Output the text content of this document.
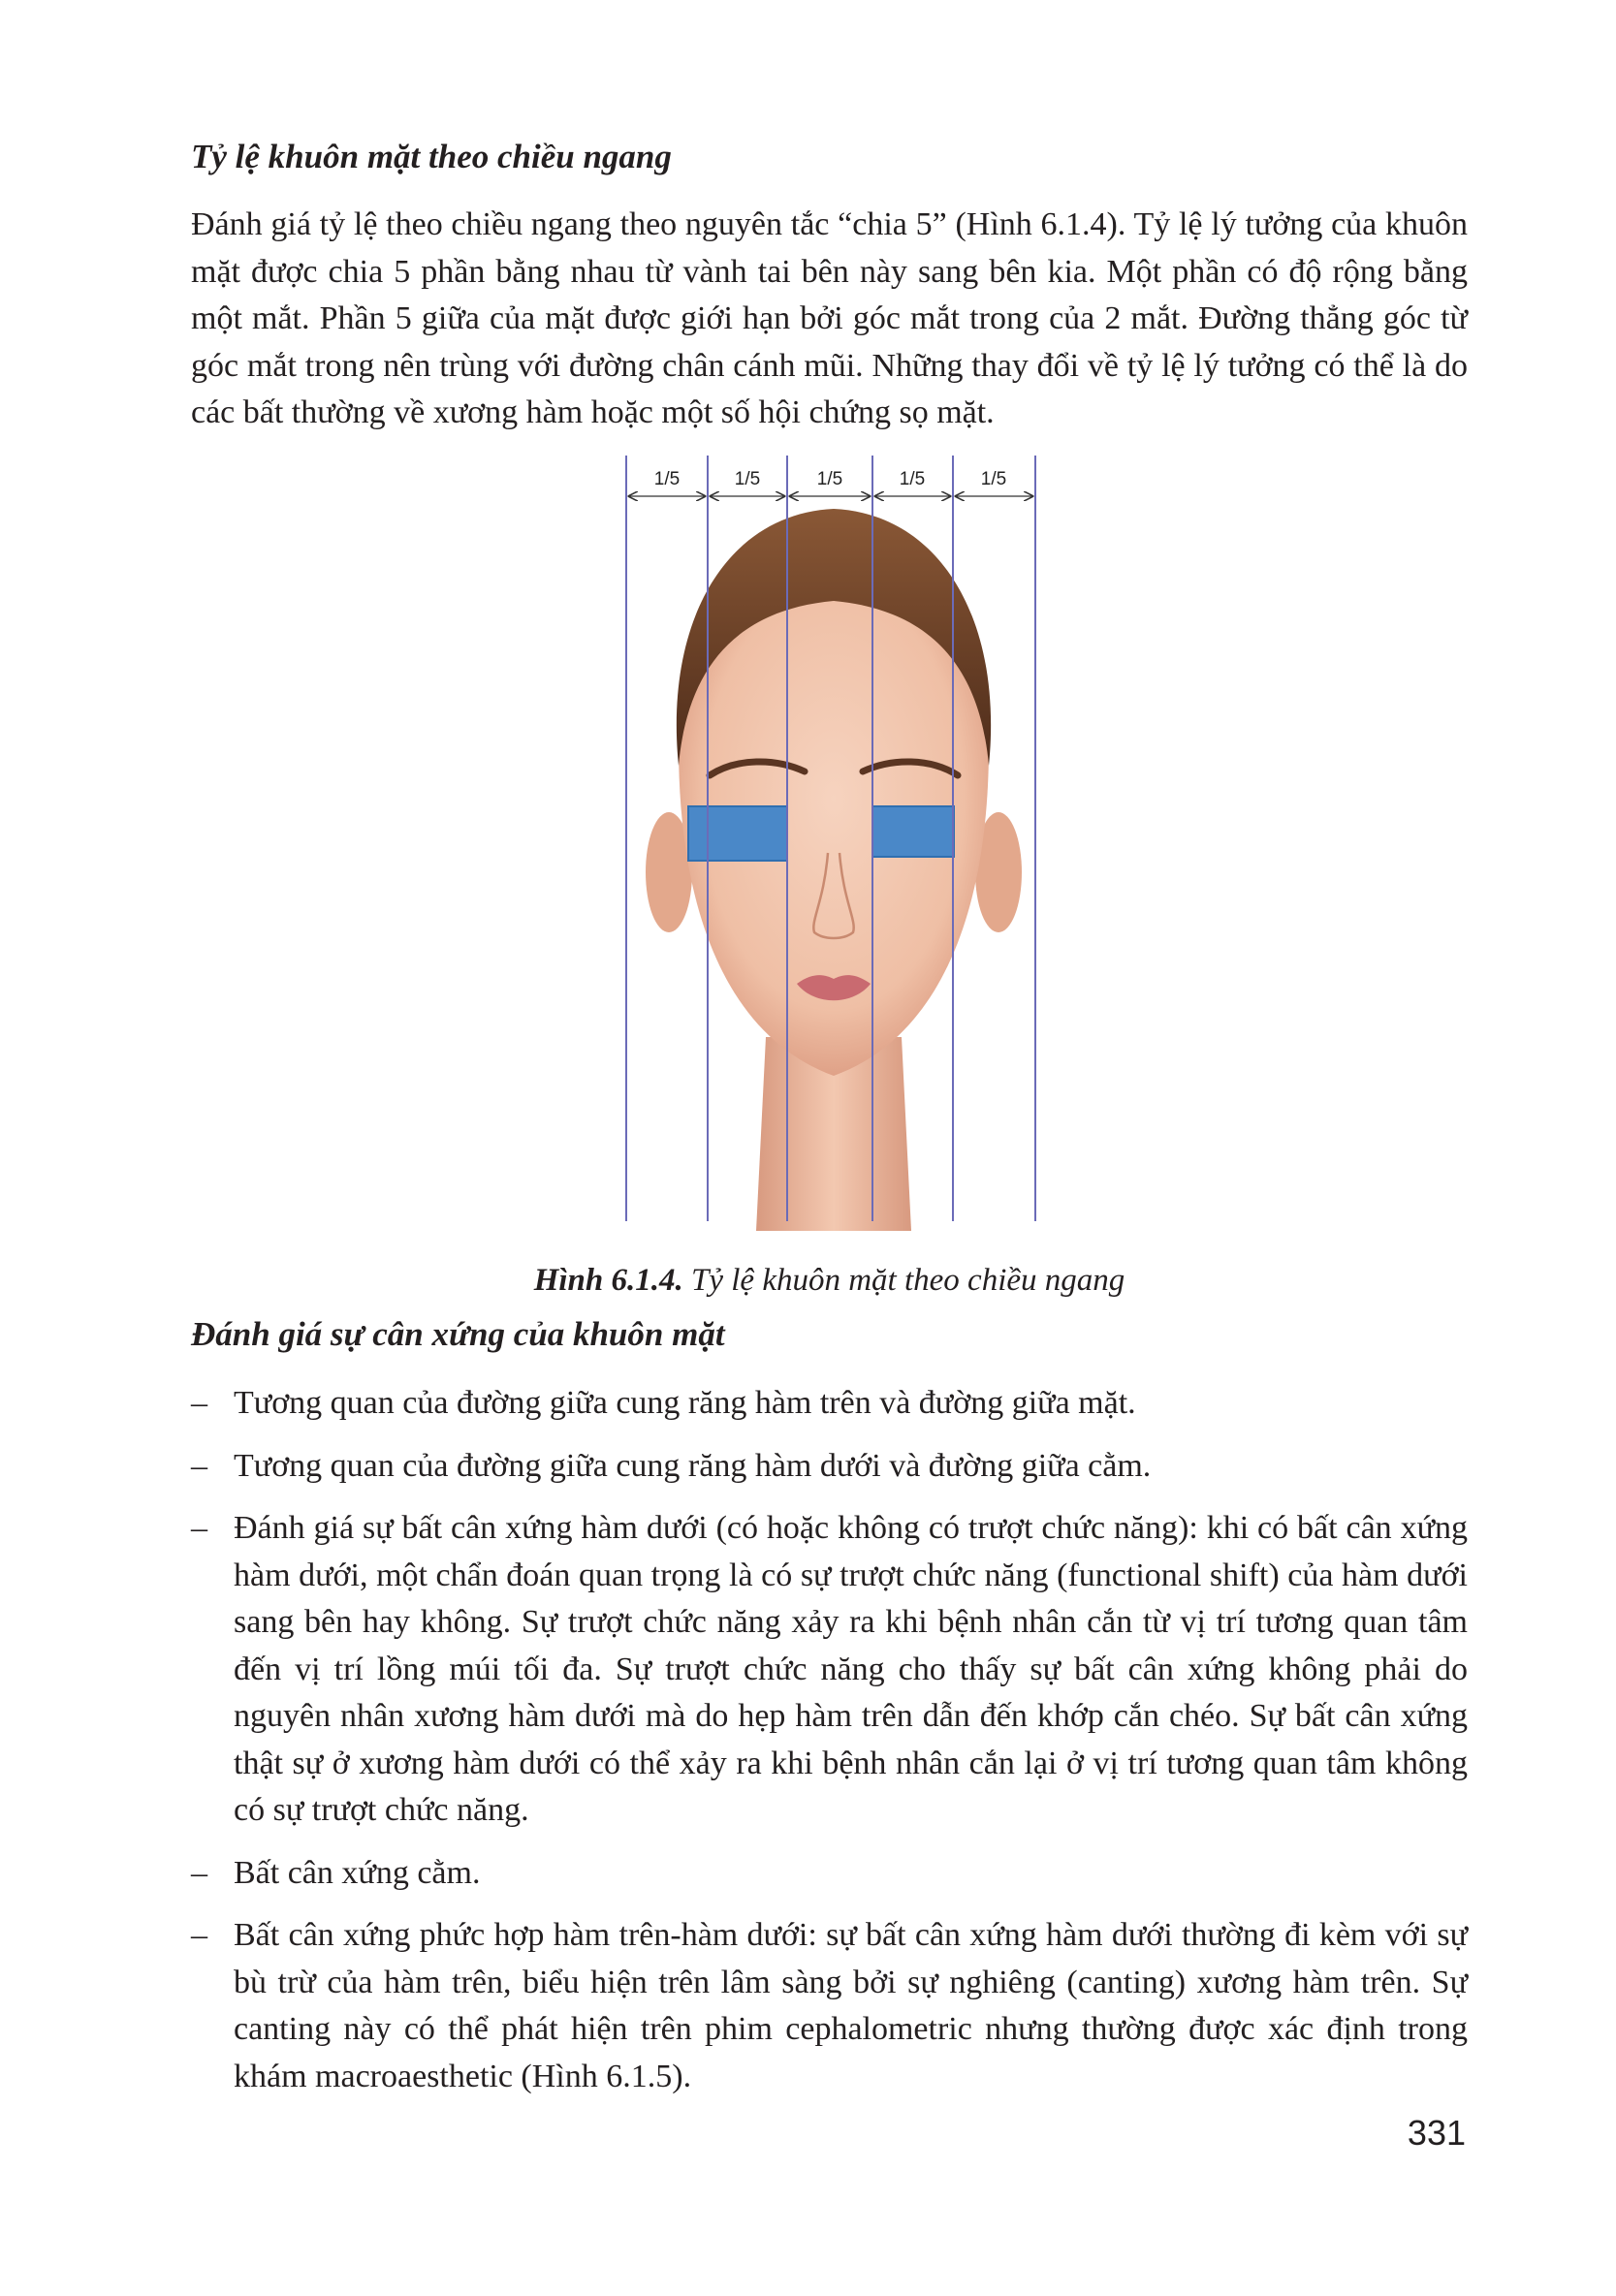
Tỷ lệ khuôn mặt theo chiều ngang

Đánh giá tỷ lệ theo chiều ngang theo nguyên tắc “chia 5” (Hình 6.1.4). Tỷ lệ lý tưởng của khuôn mặt được chia 5 phần bằng nhau từ vành tai bên này sang bên kia. Một phần có độ rộng bằng một mắt. Phần 5 giữa của mặt được giới hạn bởi góc mắt trong của 2 mắt. Đường thẳng góc từ góc mắt trong nên trùng với đường chân cánh mũi. Những thay đổi về tỷ lệ lý tưởng có thể là do các bất thường về xương hàm hoặc một số hội chứng sọ mặt.

1/5	1/5	1/5	1/5	1/5
Hình 6.1.4. Tỷ lệ khuôn mặt theo chiều ngang

Đánh giá sự cân xứng của khuôn mặt

– Tương quan của đường giữa cung răng hàm trên và đường giữa mặt.

– Tương quan của đường giữa cung răng hàm dưới và đường giữa cằm.

– Đánh giá sự bất cân xứng hàm dưới (có hoặc không có trượt chức năng): khi có bất cân xứng hàm dưới, một chẩn đoán quan trọng là có sự trượt chức năng (functional shift) của hàm dưới sang bên hay không. Sự trượt chức năng xảy ra khi bệnh nhân cắn từ vị trí tương quan tâm đến vị trí lồng múi tối đa. Sự trượt chức năng cho thấy sự bất cân xứng không phải do nguyên nhân xương hàm dưới mà do hẹp hàm trên dẫn đến khớp cắn chéo. Sự bất cân xứng thật sự ở xương hàm dưới có thể xảy ra khi bệnh nhân cắn lại ở vị trí tương quan tâm không có sự trượt chức năng.

– Bất cân xứng cằm.

– Bất cân xứng phức hợp hàm trên-hàm dưới: sự bất cân xứng hàm dưới thường đi kèm với sự bù trừ của hàm trên, biểu hiện trên lâm sàng bởi sự nghiêng (canting) xương hàm trên. Sự canting này có thể phát hiện trên phim cephalometric nhưng thường được xác định trong khám macroaesthetic (Hình 6.1.5).

331
